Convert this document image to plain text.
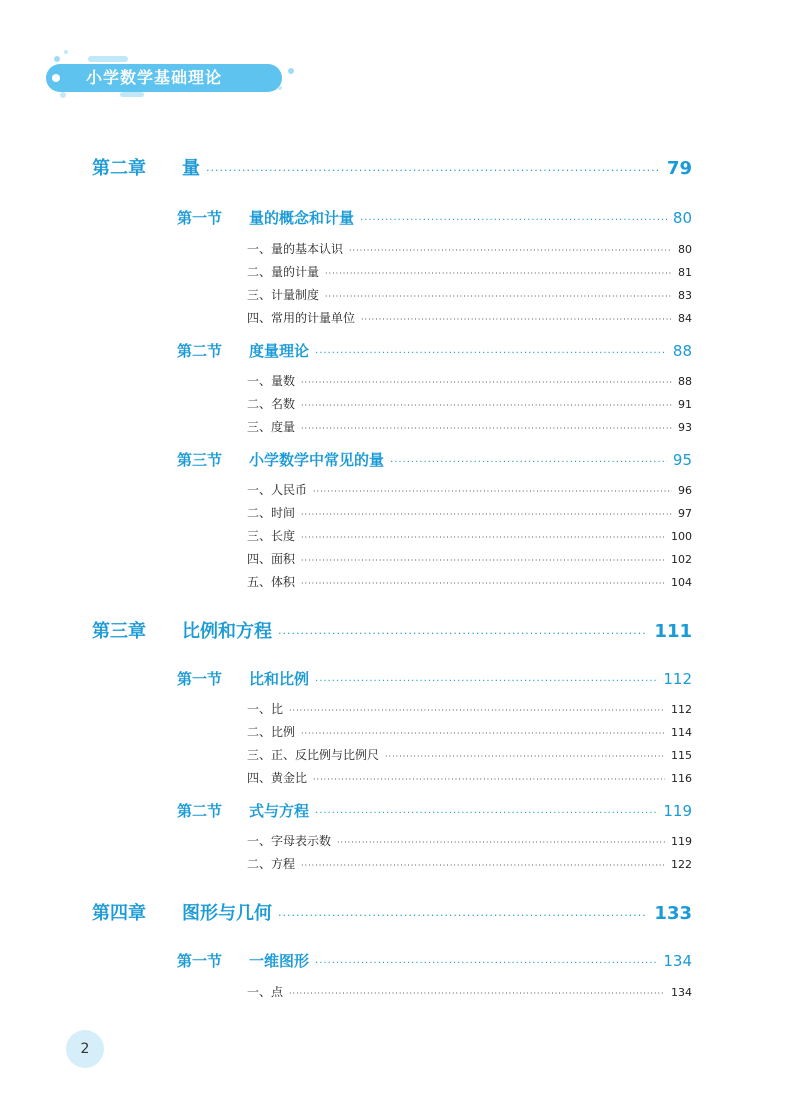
小学数学基础理论
第二章	量 ·····	79
第一节	量的概念和计量 ·····	80
一、量的基本认识 ·····	80
二、量的计量 ·····	81
三、计量制度 ·····	83
四、常用的计量单位 ·····	84
第二节	度量理论 ·····	88
一、量数 ·····	88
二、名数 ·····	91
三、度量 ·····	93
第三节	小学数学中常见的量 ·····	95
一、人民币 ·····	96
二、时间 ·····	97
三、长度 ·····	100
四、面积 ·····	102
五、体积 ·····	104
第三章	比例和方程 ·····	111
第一节	比和比例 ·····	112
一、比 ·····	112
二、比例 ·····	114
三、正、反比例与比例尺 ·····	115
四、黄金比 ·····	116
第二节	式与方程 ·····	119
一、字母表示数 ·····	119
二、方程 ·····	122
第四章	图形与几何 ·····	133
第一节	一维图形 ·····	134
一、点 ·····	134
2
